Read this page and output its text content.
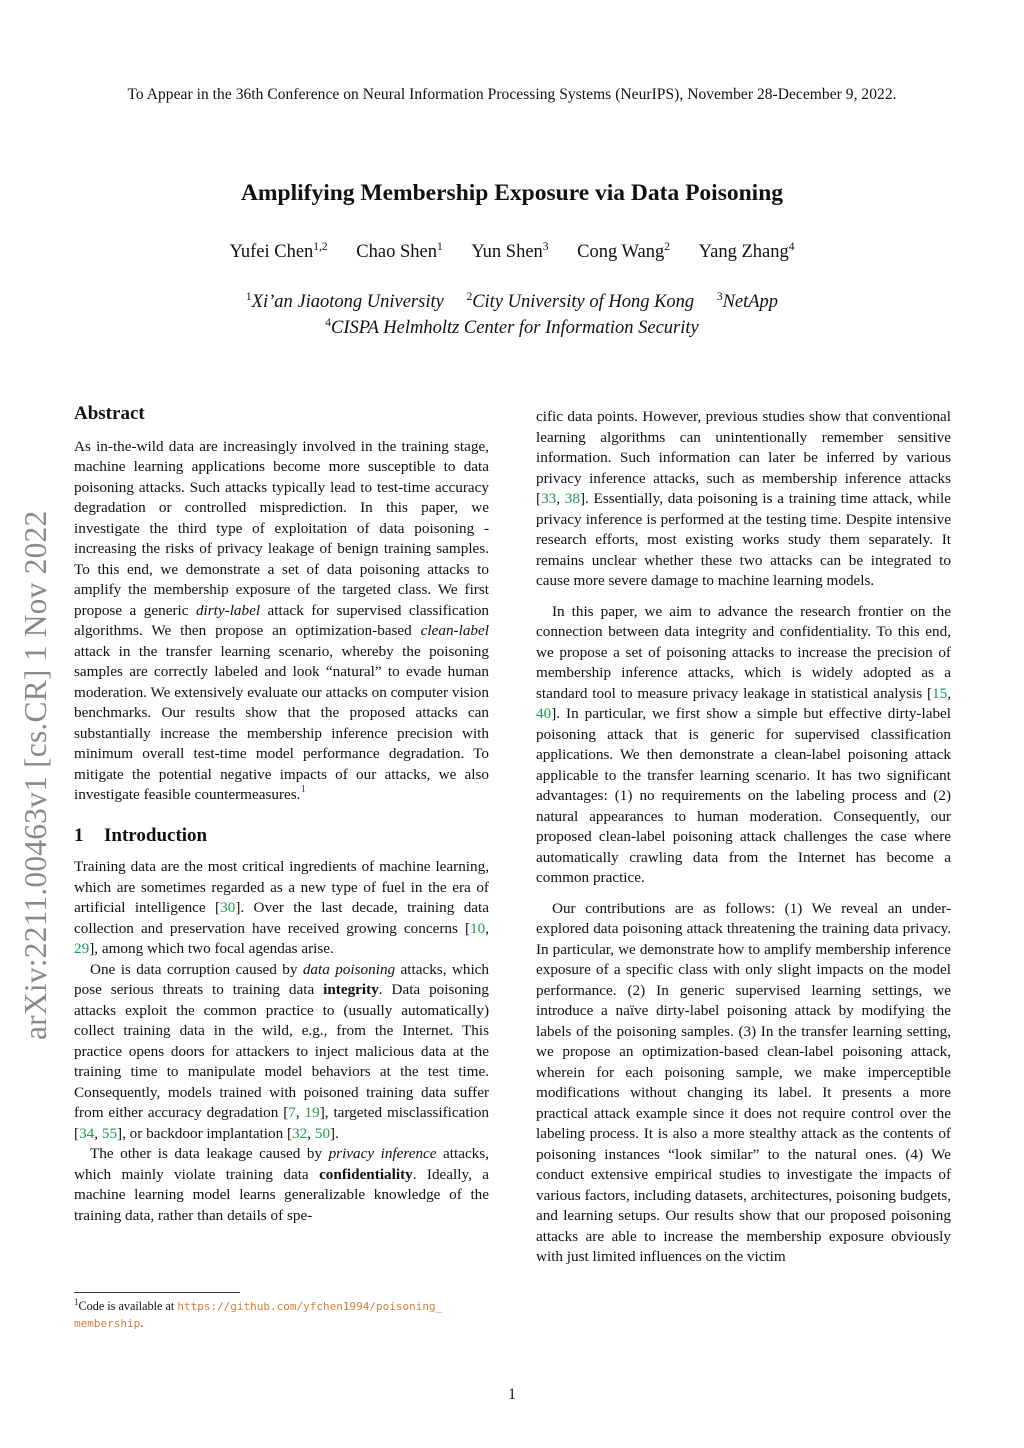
To Appear in the 36th Conference on Neural Information Processing Systems (NeurIPS), November 28-December 9, 2022.
Amplifying Membership Exposure via Data Poisoning
Yufei Chen$^{1,2}$ Chao Shen$^1$ Yun Shen$^3$ Cong Wang$^2$ Yang Zhang$^4$
$^1$Xi’an Jiaotong University $^2$City University of Hong Kong $^3$NetApp
$^4$CISPA Helmholtz Center for Information Security
arXiv:2211.00463v1 [cs.CR] 1 Nov 2022
Abstract

As in-the-wild data are increasingly involved in the training stage, machine learning applications become more susceptible to data poisoning attacks. Such attacks typically lead to test-time accuracy degradation or controlled misprediction. In this paper, we investigate the third type of exploitation of data poisoning - increasing the risks of privacy leakage of benign training samples. To this end, we demonstrate a set of data poisoning attacks to amplify the membership exposure of the targeted class. We first propose a generic dirty-label attack for supervised classification algorithms. We then propose an optimization-based clean-label attack in the transfer learning scenario, whereby the poisoning samples are correctly labeled and look “natural” to evade human moderation. We extensively evaluate our attacks on computer vision benchmarks. Our results show that the proposed attacks can substantially increase the membership inference precision with minimum overall test-time model performance degradation. To mitigate the potential negative impacts of our attacks, we also investigate feasible countermeasures.$^1$

1 Introduction

Training data are the most critical ingredients of machine learning, which are sometimes regarded as a new type of fuel in the era of artificial intelligence [30]. Over the last decade, training data collection and preservation have received growing concerns [10, 29], among which two focal agendas arise.

One is data corruption caused by data poisoning attacks, which pose serious threats to training data integrity. Data poisoning attacks exploit the common practice to (usually automatically) collect training data in the wild, e.g., from the Internet. This practice opens doors for attackers to inject malicious data at the training time to manipulate model behaviors at the test time. Consequently, models trained with poisoned training data suffer from either accuracy degradation [7, 19], targeted misclassification [34, 55], or backdoor implantation [32, 50].

The other is data leakage caused by privacy inference attacks, which mainly violate training data confidentiality. Ideally, a machine learning model learns generalizable knowledge of the training data, rather than details of spe-

cific data points. However, previous studies show that conventional learning algorithms can unintentionally remember sensitive information. Such information can later be inferred by various privacy inference attacks, such as membership inference attacks [33, 38]. Essentially, data poisoning is a training time attack, while privacy inference is performed at the testing time. Despite intensive research efforts, most existing works study them separately. It remains unclear whether these two attacks can be integrated to cause more severe damage to machine learning models.

In this paper, we aim to advance the research frontier on the connection between data integrity and confidentiality. To this end, we propose a set of poisoning attacks to increase the precision of membership inference attacks, which is widely adopted as a standard tool to measure privacy leakage in statistical analysis [15, 40]. In particular, we first show a simple but effective dirty-label poisoning attack that is generic for supervised classification applications. We then demonstrate a clean-label poisoning attack applicable to the transfer learning scenario. It has two significant advantages: (1) no requirements on the labeling process and (2) natural appearances to human moderation. Consequently, our proposed clean-label poisoning attack challenges the case where automatically crawling data from the Internet has become a common practice.

Our contributions are as follows: (1) We reveal an under-explored data poisoning attack threatening the training data privacy. In particular, we demonstrate how to amplify membership inference exposure of a specific class with only slight impacts on the model performance. (2) In generic supervised learning settings, we introduce a naïve dirty-label poisoning attack by modifying the labels of the poisoning samples. (3) In the transfer learning setting, we propose an optimization-based clean-label poisoning attack, wherein for each poisoning sample, we make imperceptible modifications without changing its label. It presents a more practical attack example since it does not require control over the labeling process. It is also a more stealthy attack as the contents of poisoning instances “look similar” to the natural ones. (4) We conduct extensive empirical studies to investigate the impacts of various factors, including datasets, architectures, poisoning budgets, and learning setups. Our results show that our proposed poisoning attacks are able to increase the membership exposure obviously with just limited influences on the victim

$^1$Code is available at https://github.com/yfchen1994/poisoning_
membership.
1
